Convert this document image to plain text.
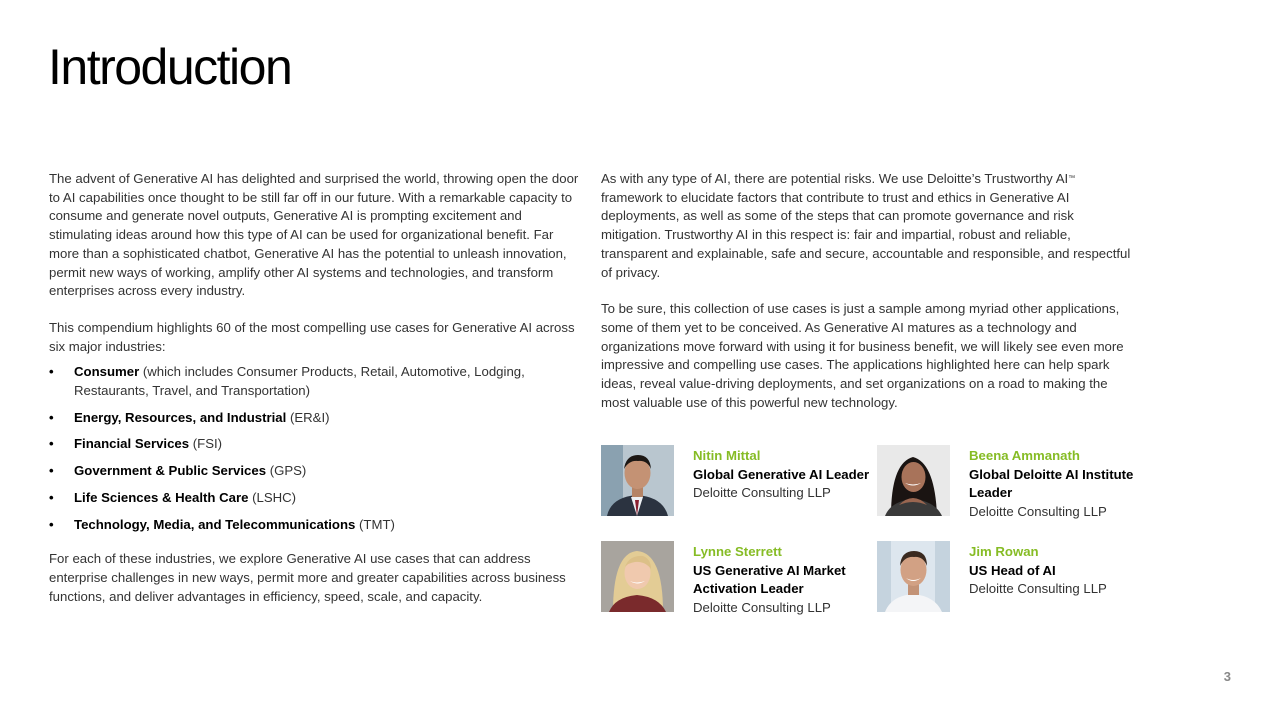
Introduction

The advent of Generative AI has delighted and surprised the world, throwing open the door to AI capabilities once thought to be still far off in our future. With a remarkable capacity to consume and generate novel outputs, Generative AI is prompting excitement and stimulating ideas around how this type of AI can be used for organizational benefit. Far more than a sophisticated chatbot, Generative AI has the potential to unleash innovation, permit new ways of working, amplify other AI systems and technologies, and transform enterprises across every industry.

This compendium highlights 60 of the most compelling use cases for Generative AI across six major industries:

• Consumer (which includes Consumer Products, Retail, Automotive, Lodging, Restaurants, Travel, and Transportation)
• Energy, Resources, and Industrial (ER&I)
• Financial Services (FSI)
• Government & Public Services (GPS)
• Life Sciences & Health Care (LSHC)
• Technology, Media, and Telecommunications (TMT)

For each of these industries, we explore Generative AI use cases that can address enterprise challenges in new ways, permit more and greater capabilities across business functions, and deliver advantages in efficiency, speed, scale, and capacity.

As with any type of AI, there are potential risks. We use Deloitte’s Trustworthy AI™ framework to elucidate factors that contribute to trust and ethics in Generative AI deployments, as well as some of the steps that can promote governance and risk mitigation. Trustworthy AI in this respect is: fair and impartial, robust and reliable, transparent and explainable, safe and secure, accountable and responsible, and respectful of privacy.

To be sure, this collection of use cases is just a sample among myriad other applications, some of them yet to be conceived. As Generative AI matures as a technology and organizations move forward with using it for business benefit, we will likely see even more impressive and compelling use cases. The applications highlighted here can help spark ideas, reveal value-driving deployments, and set organizations on a road to making the most valuable use of this powerful new technology.

Nitin Mittal
Global Generative AI Leader
Deloitte Consulting LLP
Beena Ammanath
Global Deloitte AI Institute Leader
Deloitte Consulting LLP
Lynne Sterrett
US Generative AI Market Activation Leader
Deloitte Consulting LLP
Jim Rowan
US Head of AI
Deloitte Consulting LLP
3
